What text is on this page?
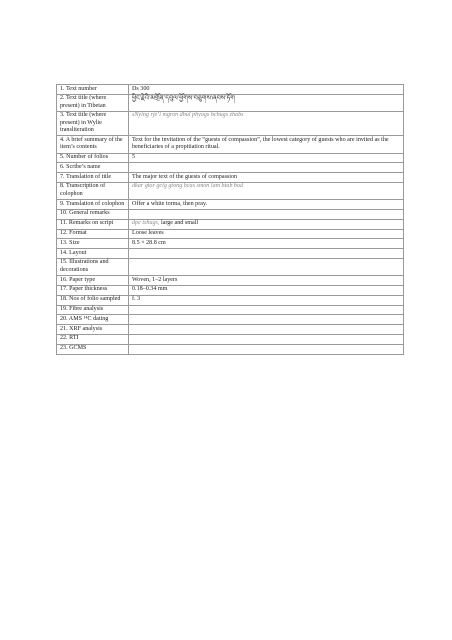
1. Text number	Ds 300
2. Text title (where present) in Tibetan	ཕྱིང་རྗེའི་མགྲོན་དབུལ་ཕྱོགས་བཅུགས་ཞབས་ཏོག
3. Text title (where present) in Wylie transliteration	sNying rje’i mgron dbul phyogs bchugs zhabs
4. A brief summary of the item’s contents	Text for the invitation of the “guests of compassion”, the lowest category of guests who are invited as the beneficiaries of a propitiation ritual.
5. Number of folios	5
6. Scribe’s name	
7. Translation of title	The major text of the guests of compassion
8. Transcription of colophon	dkar gtor gcig gtong bcas smon lam btab bod
9. Translation of colophon	Offer a white torma, then pray.
10. General remarks	
11. Remarks on script	dpe tshugs, large and small
12. Format	Loose leaves
13. Size	8.5 × 28.8 cm
14. Layout	
15. Illustrations and decorations	
16. Paper type	Woven, 1–2 layers
17. Paper thickness	0.18–0.34 mm
18. Nos of folio sampled	f. 3
19. Fibre analysis	
20. AMS ¹⁴C dating	
21. XRF analysis	
22. RTI	
23. GCMS	
